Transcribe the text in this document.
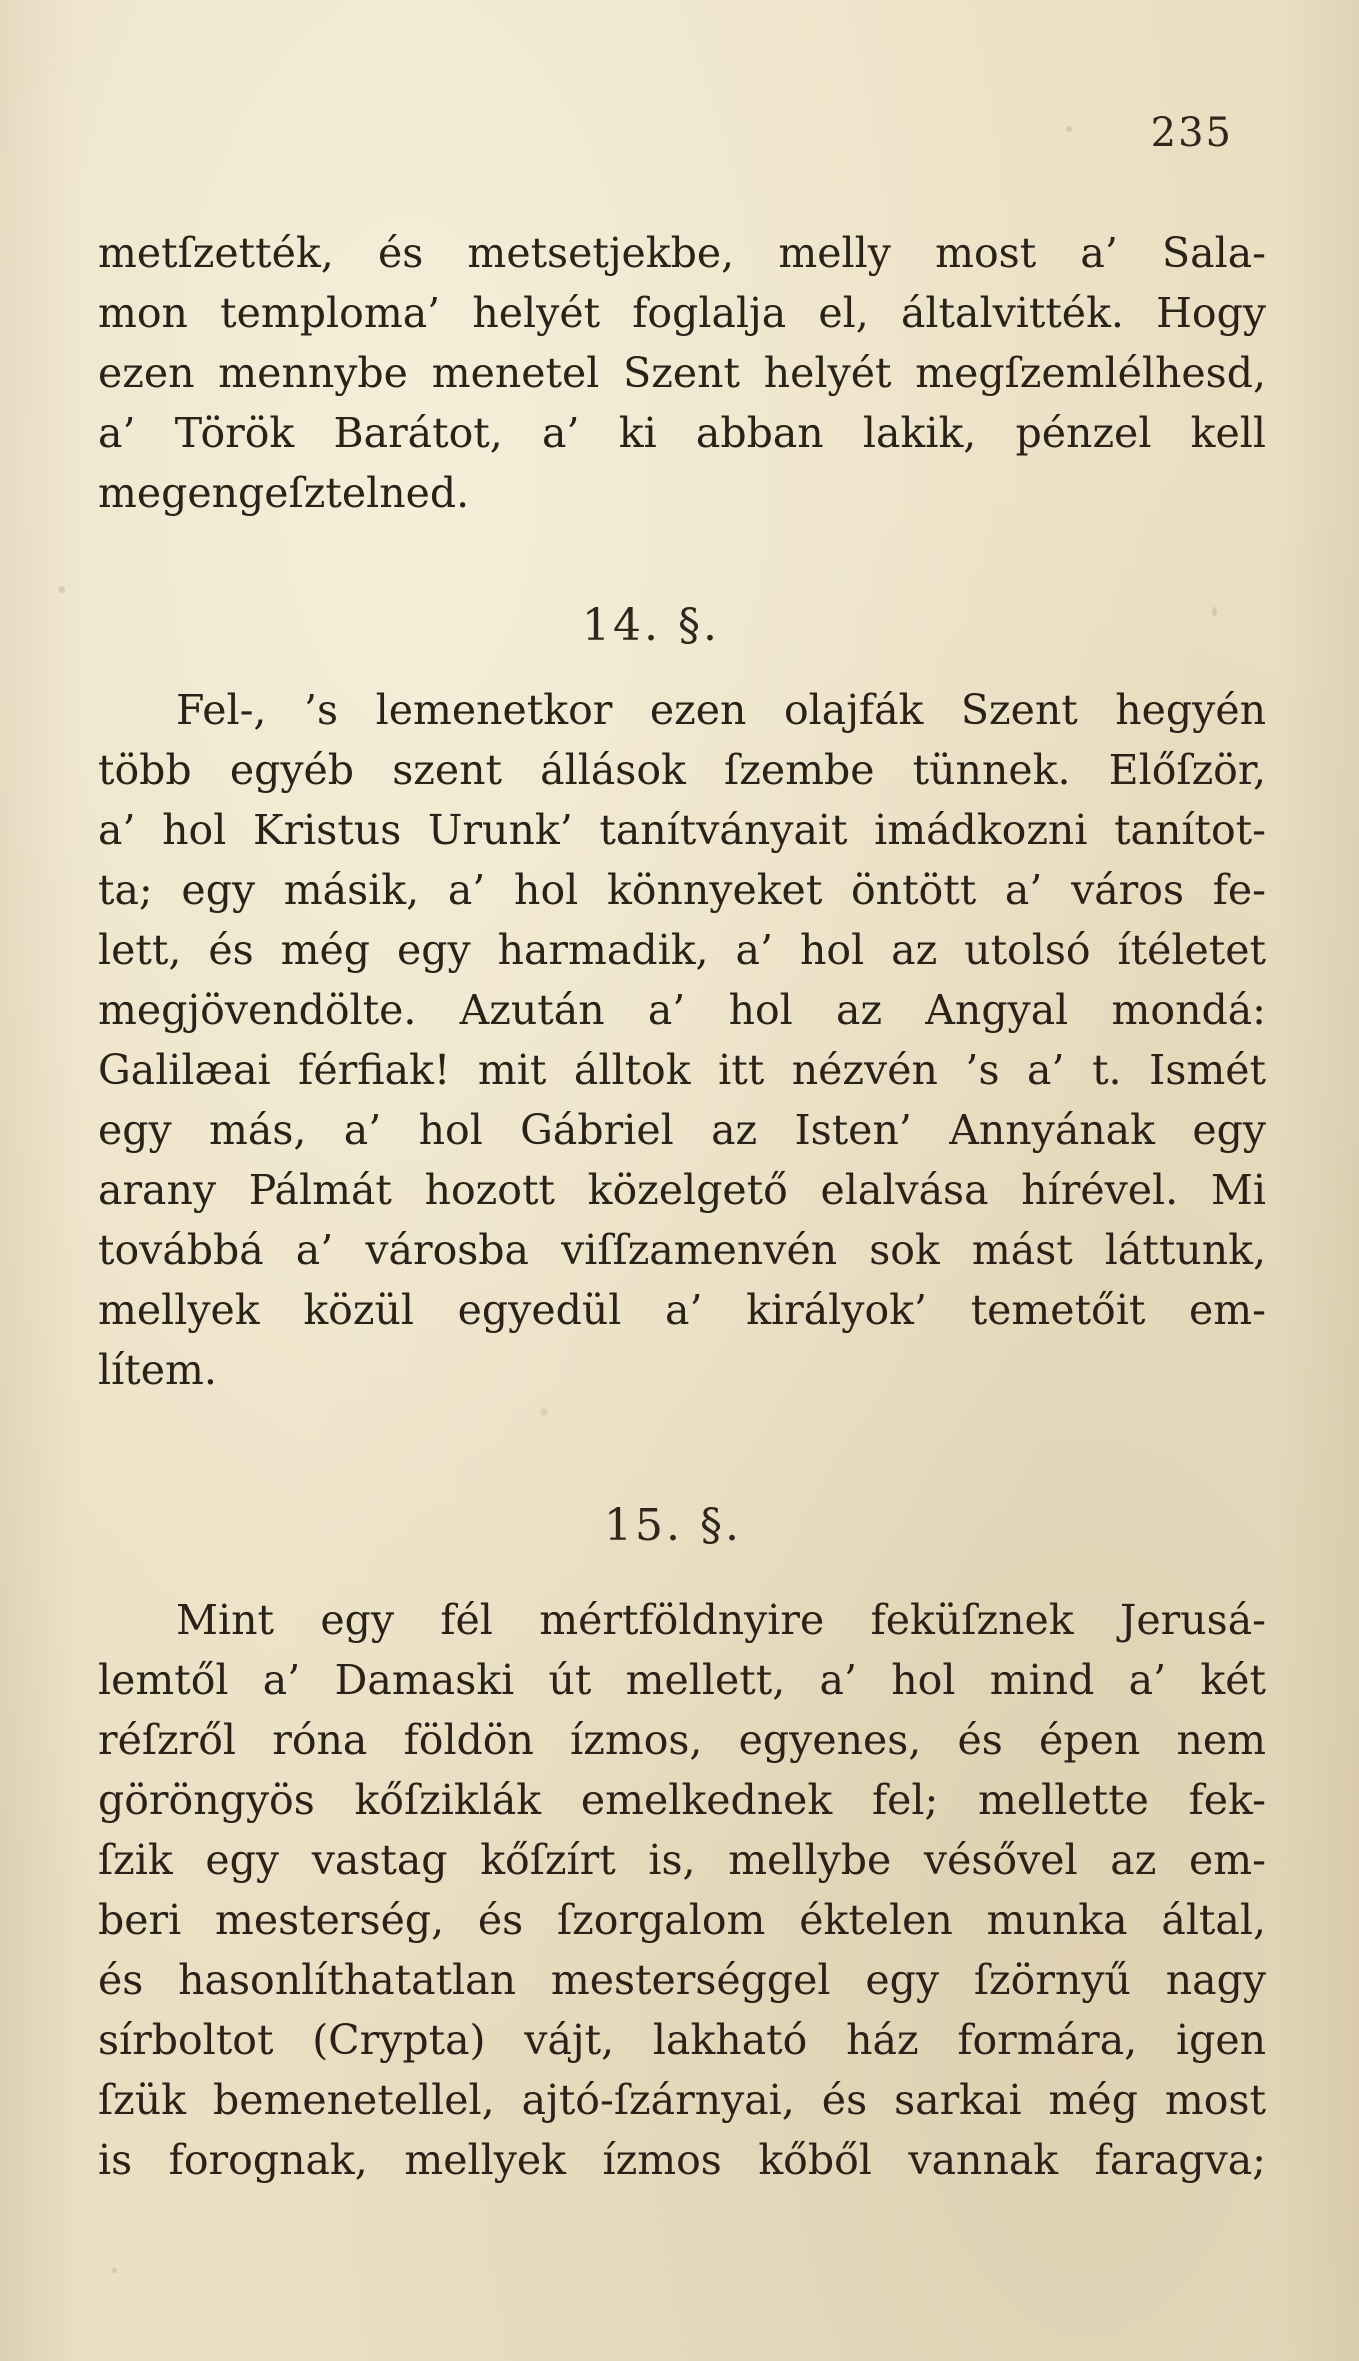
235
metſzették, és metsetjekbe, melly most a’ Sala-
mon temploma’ helyét foglalja el, általvitték. Hogy
ezen mennybe menetel Szent helyét megſzemlélhesd,
a’ Török Barátot, a’ ki abban lakik, pénzel kell
megengeſztelned.
14. §.
Fel-, ’s lemenetkor ezen olajfák Szent hegyén
több egyéb szent állások ſzembe tünnek. Előſzör,
a’ hol Kristus Urunk’ tanítványait imádkozni tanítot-
ta; egy másik, a’ hol könnyeket öntött a’ város fe-
lett, és még egy harmadik, a’ hol az utolsó ítéletet
megjövendölte. Azután a’ hol az Angyal mondá:
Galilæai férfiak! mit álltok itt nézvén ’s a’ t. Ismét
egy más, a’ hol Gábriel az Isten’ Annyának egy
arany Pálmát hozott közelgető elalvása hírével. Mi
továbbá a’ városba viſſzamenvén sok mást láttunk,
mellyek közül egyedül a’ királyok’ temetőit em-
lítem.
15. §.
Mint egy fél mértföldnyire feküſznek Jerusá-
lemtől a’ Damaski út mellett, a’ hol mind a’ két
réſzről róna földön ízmos, egyenes, és épen nem
göröngyös kőſziklák emelkednek fel; mellette fek-
ſzik egy vastag kőſzírt is, mellybe vésővel az em-
beri mesterség, és ſzorgalom éktelen munka által,
és hasonlíthatatlan mesterséggel egy ſzörnyű nagy
sírboltot (Crypta) vájt, lakható ház formára, igen
ſzük bemenetellel, ajtó-ſzárnyai, és sarkai még most
is forognak, mellyek ízmos kőből vannak faragva;
